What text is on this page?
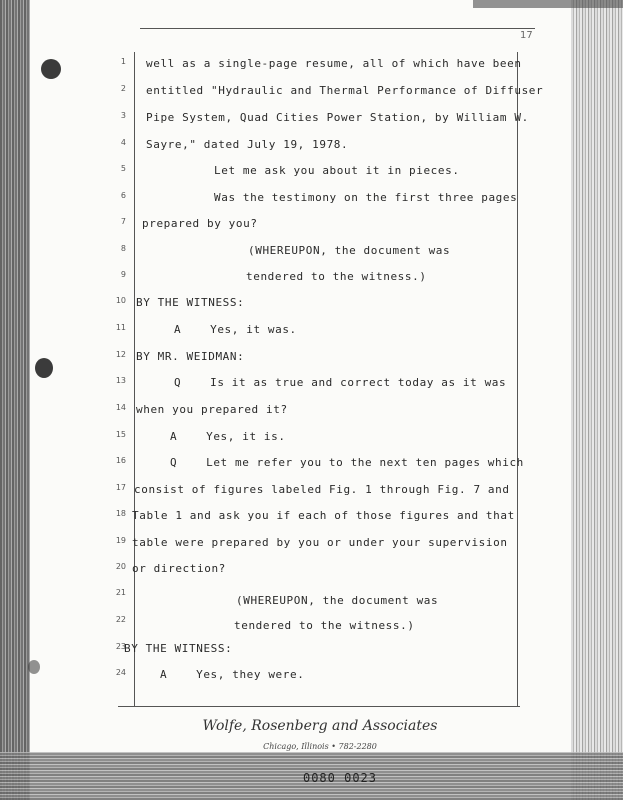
17
1 well as a single-page resume, all of which have been
2 entitled "Hydraulic and Thermal Performance of Diffuser
3 Pipe System, Quad Cities Power Station, by William W.
4 Sayre," dated July 19, 1978.
5	Let me ask you about it in pieces.
6	Was the testimony on the first three pages
7 prepared by you?
8	(WHEREUPON, the document was
9	tendered to the witness.)
10 BY THE WITNESS:
11	A    Yes, it was.
12 BY MR. WEIDMAN:
13	Q    Is it as true and correct today as it was
14 when you prepared it?
15	A    Yes, it is.
16	Q    Let me refer you to the next ten pages which
17 consist of figures labeled Fig. 1 through Fig. 7 and
18 Table 1 and ask you if each of those figures and that
19 table were prepared by you or under your supervision
20 or direction?
21
(WHEREUPON, the document was
22	tendered to the witness.)
23
BY THE WITNESS:
24	A    Yes, they were.
Wolfe, Rosenberg and Associates
Chicago, Illinois • 782-2280
0080 0023
